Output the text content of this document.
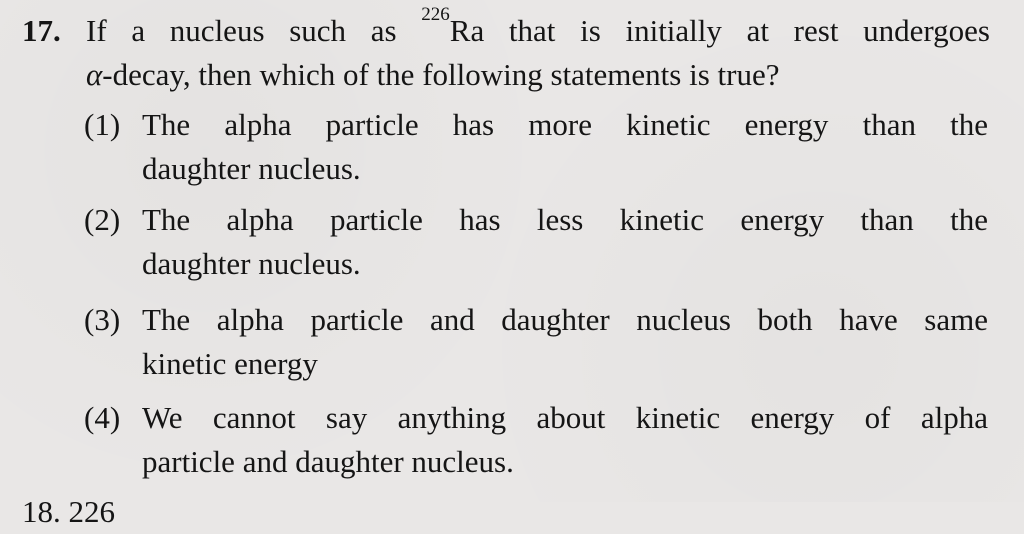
17. If a nucleus such as $^{226}$Ra that is initially at rest undergoes
α-decay, then which of the following statements is true?
(1) The alpha particle has more kinetic energy than the
daughter nucleus.
(2) The alpha particle has less kinetic energy than the
daughter nucleus.
(3) The alpha particle and daughter nucleus both have same
kinetic energy
(4) We cannot say anything about kinetic energy of alpha
particle and daughter nucleus.
18. 226
